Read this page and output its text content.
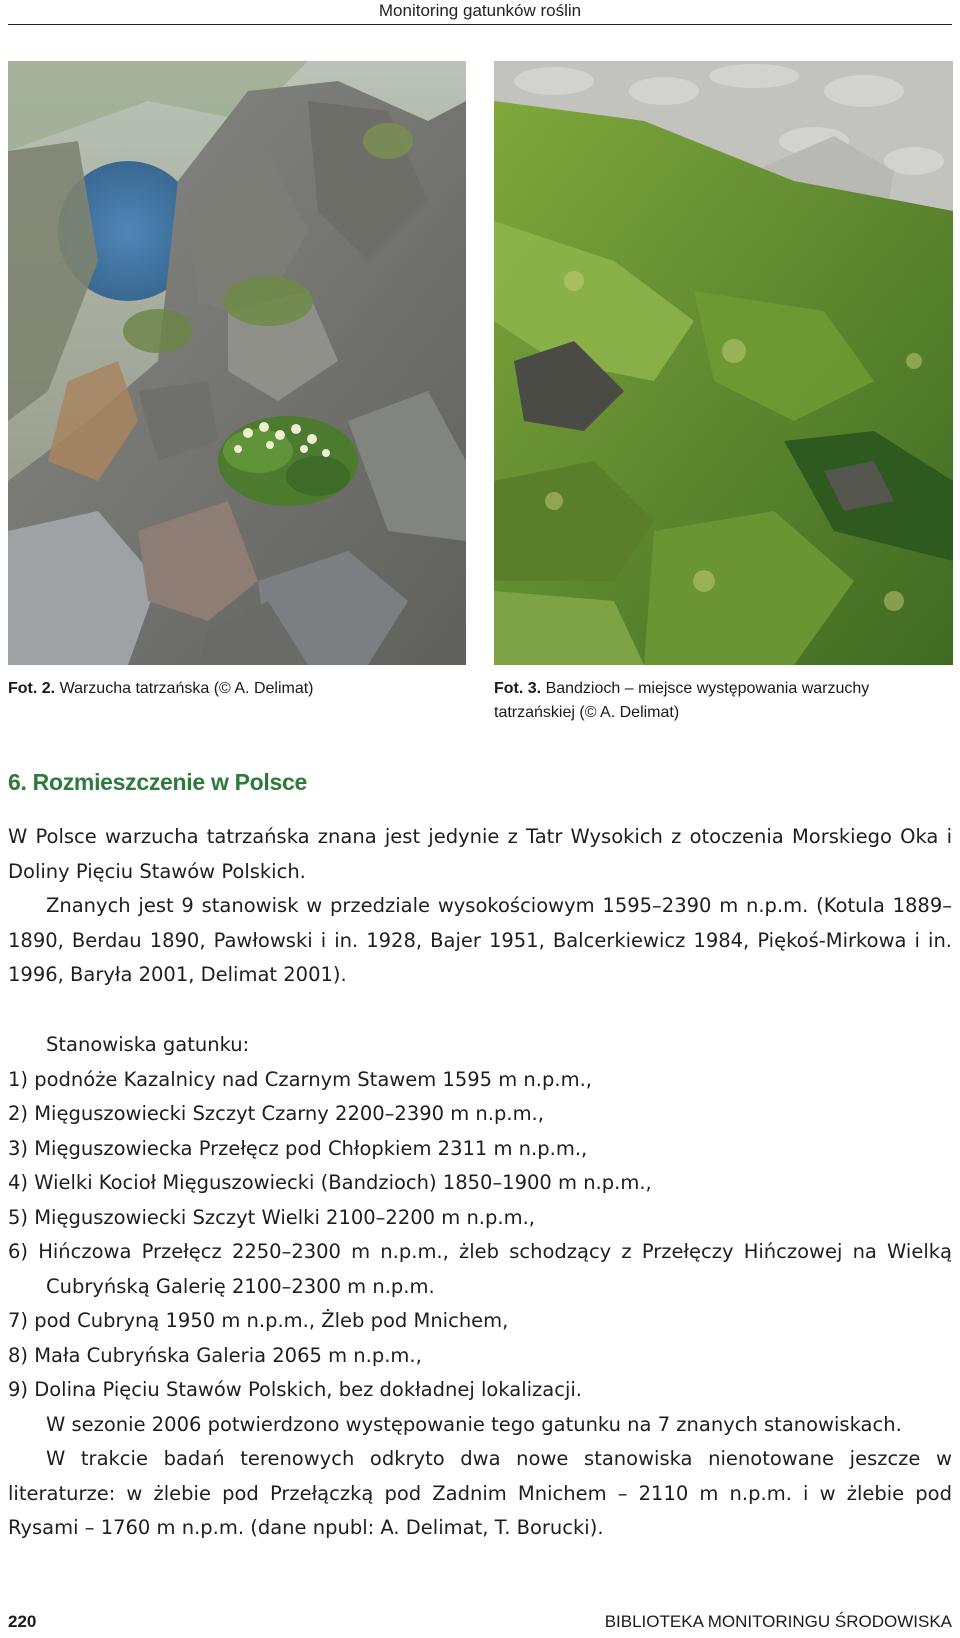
Monitoring gatunków roślin
Fot. 2. Warzucha tatrzańska (© A. Delimat)	Fot. 3. Bandzioch – miejsce występowania warzuchy tatrzańskiej (© A. Delimat)
6. Rozmieszczenie w Polsce

W Polsce warzucha tatrzańska znana jest jedynie z Tatr Wysokich z otoczenia Morskiego Oka i Doliny Pięciu Stawów Polskich.

Znanych jest 9 stanowisk w przedziale wysokościowym 1595–2390 m n.p.m. (Kotula 1889–1890, Berdau 1890, Pawłowski i in. 1928, Bajer 1951, Balcerkiewicz 1984, Piękoś-Mirkowa i in. 1996, Baryła 2001, Delimat 2001).

Stanowiska gatunku:

1) podnóże Kazalnicy nad Czarnym Stawem 1595 m n.p.m.,

2) Mięguszowiecki Szczyt Czarny 2200–2390 m n.p.m.,

3) Mięguszowiecka Przełęcz pod Chłopkiem 2311 m n.p.m.,

4) Wielki Kocioł Mięguszowiecki (Bandzioch) 1850–1900 m n.p.m.,

5) Mięguszowiecki Szczyt Wielki 2100–2200 m n.p.m.,

6) Hińczowa Przełęcz 2250–2300 m n.p.m., żleb schodzący z Przełęczy Hińczowej na Wielką Cubryńską Galerię 2100–2300 m n.p.m.

7) pod Cubryną 1950 m n.p.m., Żleb pod Mnichem,

8) Mała Cubryńska Galeria 2065 m n.p.m.,

9) Dolina Pięciu Stawów Polskich, bez dokładnej lokalizacji.

W sezonie 2006 potwierdzono występowanie tego gatunku na 7 znanych stanowiskach.

W trakcie badań terenowych odkryto dwa nowe stanowiska nienotowane jeszcze w literaturze: w żlebie pod Przełączką pod Zadnim Mnichem – 2110 m n.p.m. i w żlebie pod Rysami – 1760 m n.p.m. (dane npubl: A. Delimat, T. Borucki).

220	BIBLIOTEKA MONITORINGU ŚRODOWISKA
